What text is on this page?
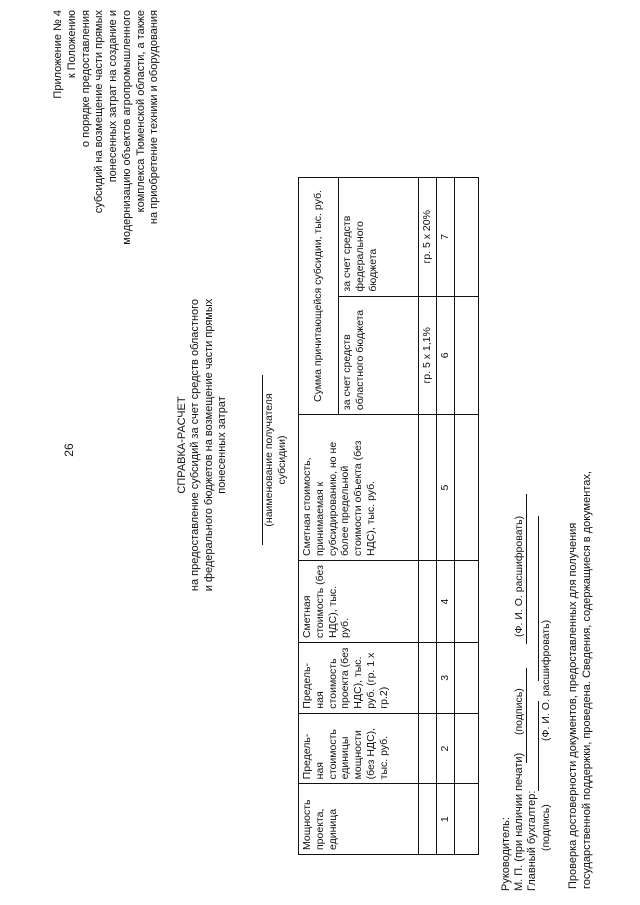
26
Приложение № 4 к Положению о порядке предоставления субсидий на возмещение части прямых понесенных затрат на создание и модернизацию объектов агропромышленного комплекса Тюменской области, а также на приобретение техники и оборудования
СПРАВКА-РАСЧЕТ на предоставление субсидий за счет средств областного и федерального бюджетов на возмещение части прямых понесенных затрат	(наименование получателя субсидии)
Мощность проекта, единица	Предель-ная стоимость единицы мощности (без НДС), тыс. руб.	Предель-ная стоимость проекта (без НДС), тыс. руб. (гр. 1 x гр.2)	Сметная стоимость (без НДС), тыс. руб.	Сметная стоимость, принимаемая к субсидированию, но не более предельной стоимости объекта (без НДС), тыс. руб.	Сумма причитающейся субсидии, тыс. руб.	
					за счет средств областного бюджета	за счет средств федерального бюджета
					гр. 5 х 1,1%	гр. 5 х 20%
1	2	3	4	5	6	7

Руководитель: М. П. (при наличии печати)
(подпись)
(Ф. И. О. расшифровать)
Главный бухгалтер: (подпись)
(Ф. И. О. расшифровать) Проверка достоверности документов, предоставленных для получения государственной поддержки, проведена. Сведения, содержащиеся в документах,
